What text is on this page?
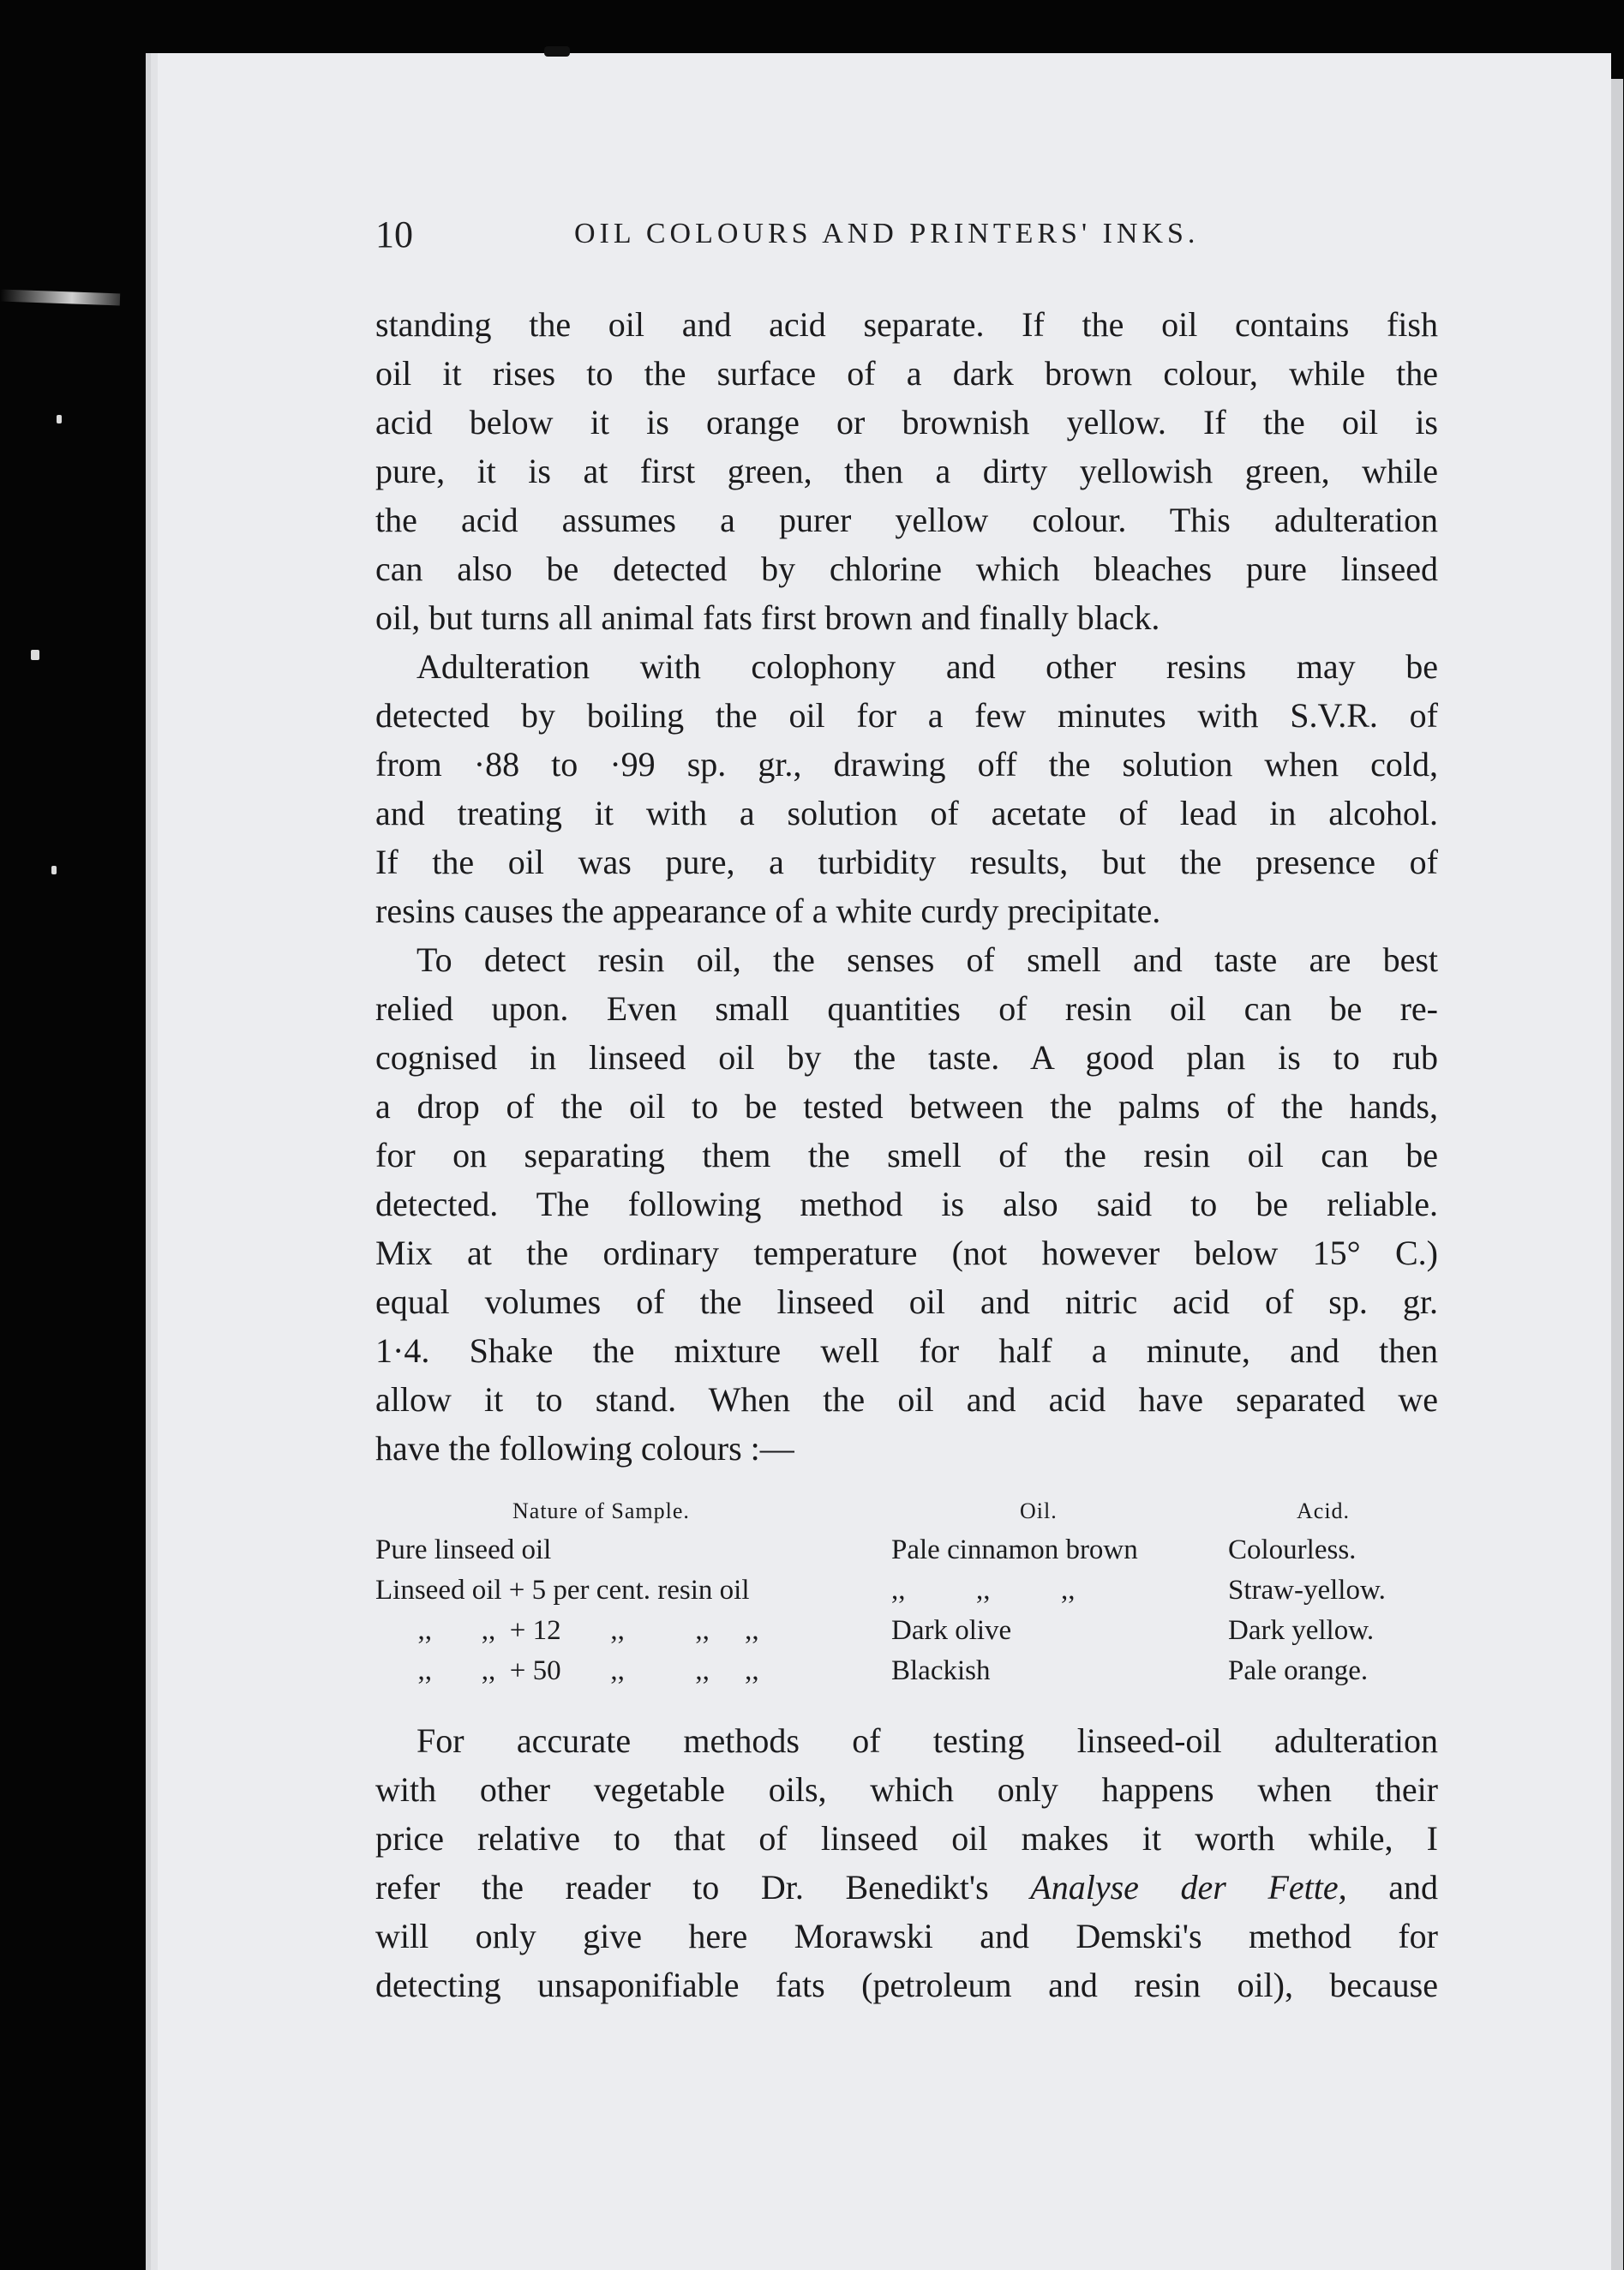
10	OIL COLOURS AND PRINTERS' INKS.

standing the oil and acid separate. If the oil contains fish
oil it rises to the surface of a dark brown colour, while the
acid below it is orange or brownish yellow. If the oil is
pure, it is at first green, then a dirty yellowish green, while
the acid assumes a purer yellow colour. This adulteration
can also be detected by chlorine which bleaches pure linseed
oil, but turns all animal fats first brown and finally black.

Adulteration with colophony and other resins may be
detected by boiling the oil for a few minutes with S.V.R. of
from ·88 to ·99 sp. gr., drawing off the solution when cold,
and treating it with a solution of acetate of lead in alcohol.
If the oil was pure, a turbidity results, but the presence of
resins causes the appearance of a white curdy precipitate.

To detect resin oil, the senses of smell and taste are best
relied upon. Even small quantities of resin oil can be re-
cognised in linseed oil by the taste. A good plan is to rub
a drop of the oil to be tested between the palms of the hands,
for on separating them the smell of the resin oil can be
detected. The following method is also said to be reliable.
Mix at the ordinary temperature (not however below 15° C.)
equal volumes of the linseed oil and nitric acid of sp. gr.
1·4. Shake the mixture well for half a minute, and then
allow it to stand. When the oil and acid have separated we
have the following colours :—

Nature of Sample.	Oil.	Acid.
Pure linseed oil	Pale cinnamon brown	Colourless.
Linseed oil + 5 per cent. resin oil	,,          ,,          ,,	Straw-yellow.
,,       ,,  + 12       ,,          ,,     ,,	Dark olive	Dark yellow.
,,       ,,  + 50       ,,          ,,     ,,	Blackish	Pale orange.

For accurate methods of testing linseed-oil adulteration
with other vegetable oils, which only happens when their
price relative to that of linseed oil makes it worth while, I
refer the reader to Dr. Benedikt's Analyse der Fette, and
will only give here Morawski and Demski's method for
detecting unsaponifiable fats (petroleum and resin oil), because
